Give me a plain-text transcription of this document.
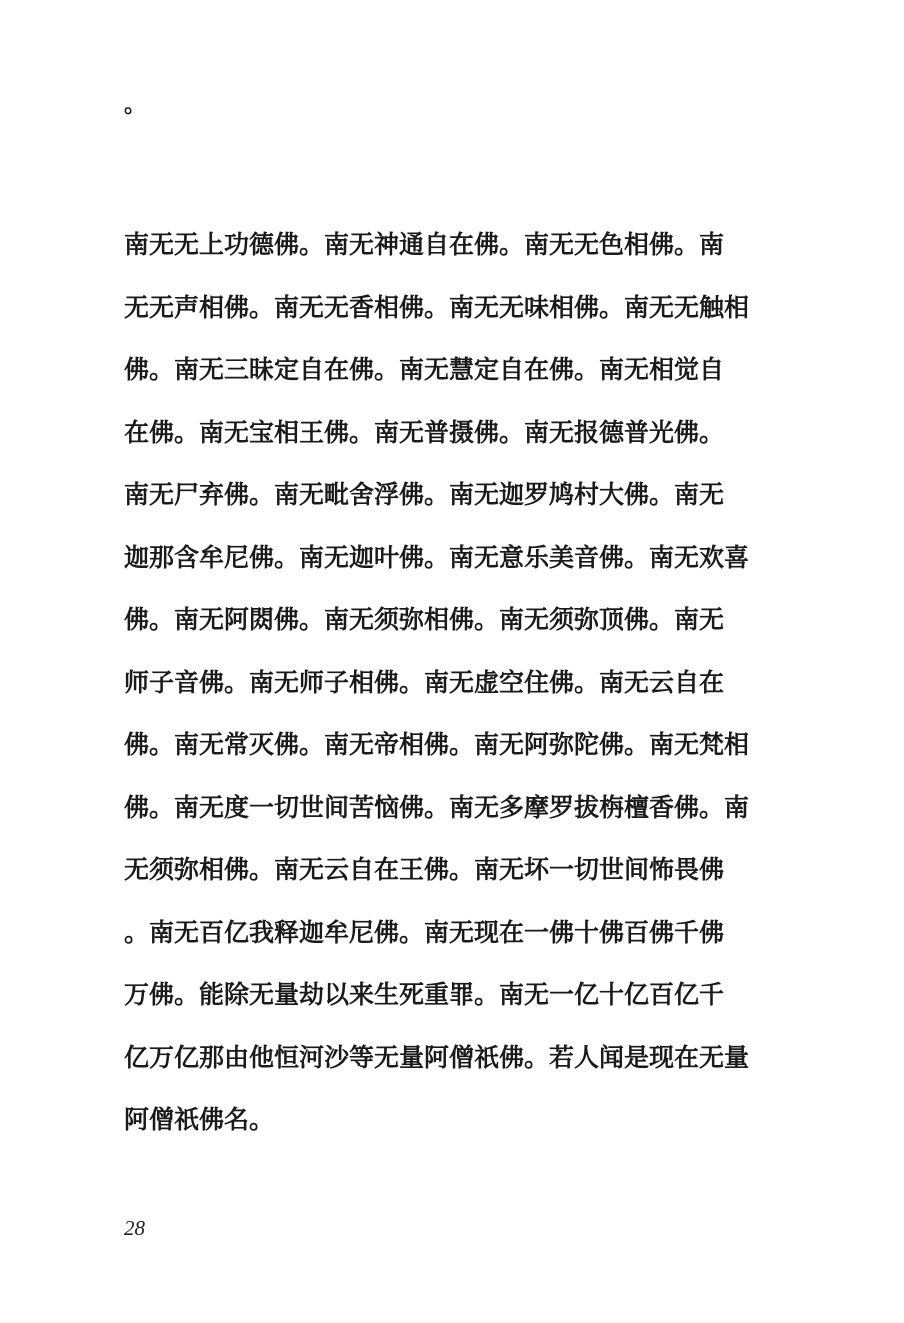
。
南无无上功德佛。南无神通自在佛。南无无色相佛。南
无无声相佛。南无无香相佛。南无无味相佛。南无无触相
佛。南无三昧定自在佛。南无慧定自在佛。南无相觉自
在佛。南无宝相王佛。南无普摄佛。南无报德普光佛。
南无尸弃佛。南无毗舍浮佛。南无迦罗鸠村大佛。南无
迦那含牟尼佛。南无迦叶佛。南无意乐美音佛。南无欢喜
佛。南无阿閦佛。南无须弥相佛。南无须弥顶佛。南无
师子音佛。南无师子相佛。南无虚空住佛。南无云自在
佛。南无常灭佛。南无帝相佛。南无阿弥陀佛。南无梵相
佛。南无度一切世间苦恼佛。南无多摩罗拔栴檀香佛。南
无须弥相佛。南无云自在王佛。南无坏一切世间怖畏佛
。南无百亿我释迦牟尼佛。南无现在一佛十佛百佛千佛
万佛。能除无量劫以来生死重罪。南无一亿十亿百亿千
亿万亿那由他恒河沙等无量阿僧祇佛。若人闻是现在无量
阿僧祇佛名。
28
